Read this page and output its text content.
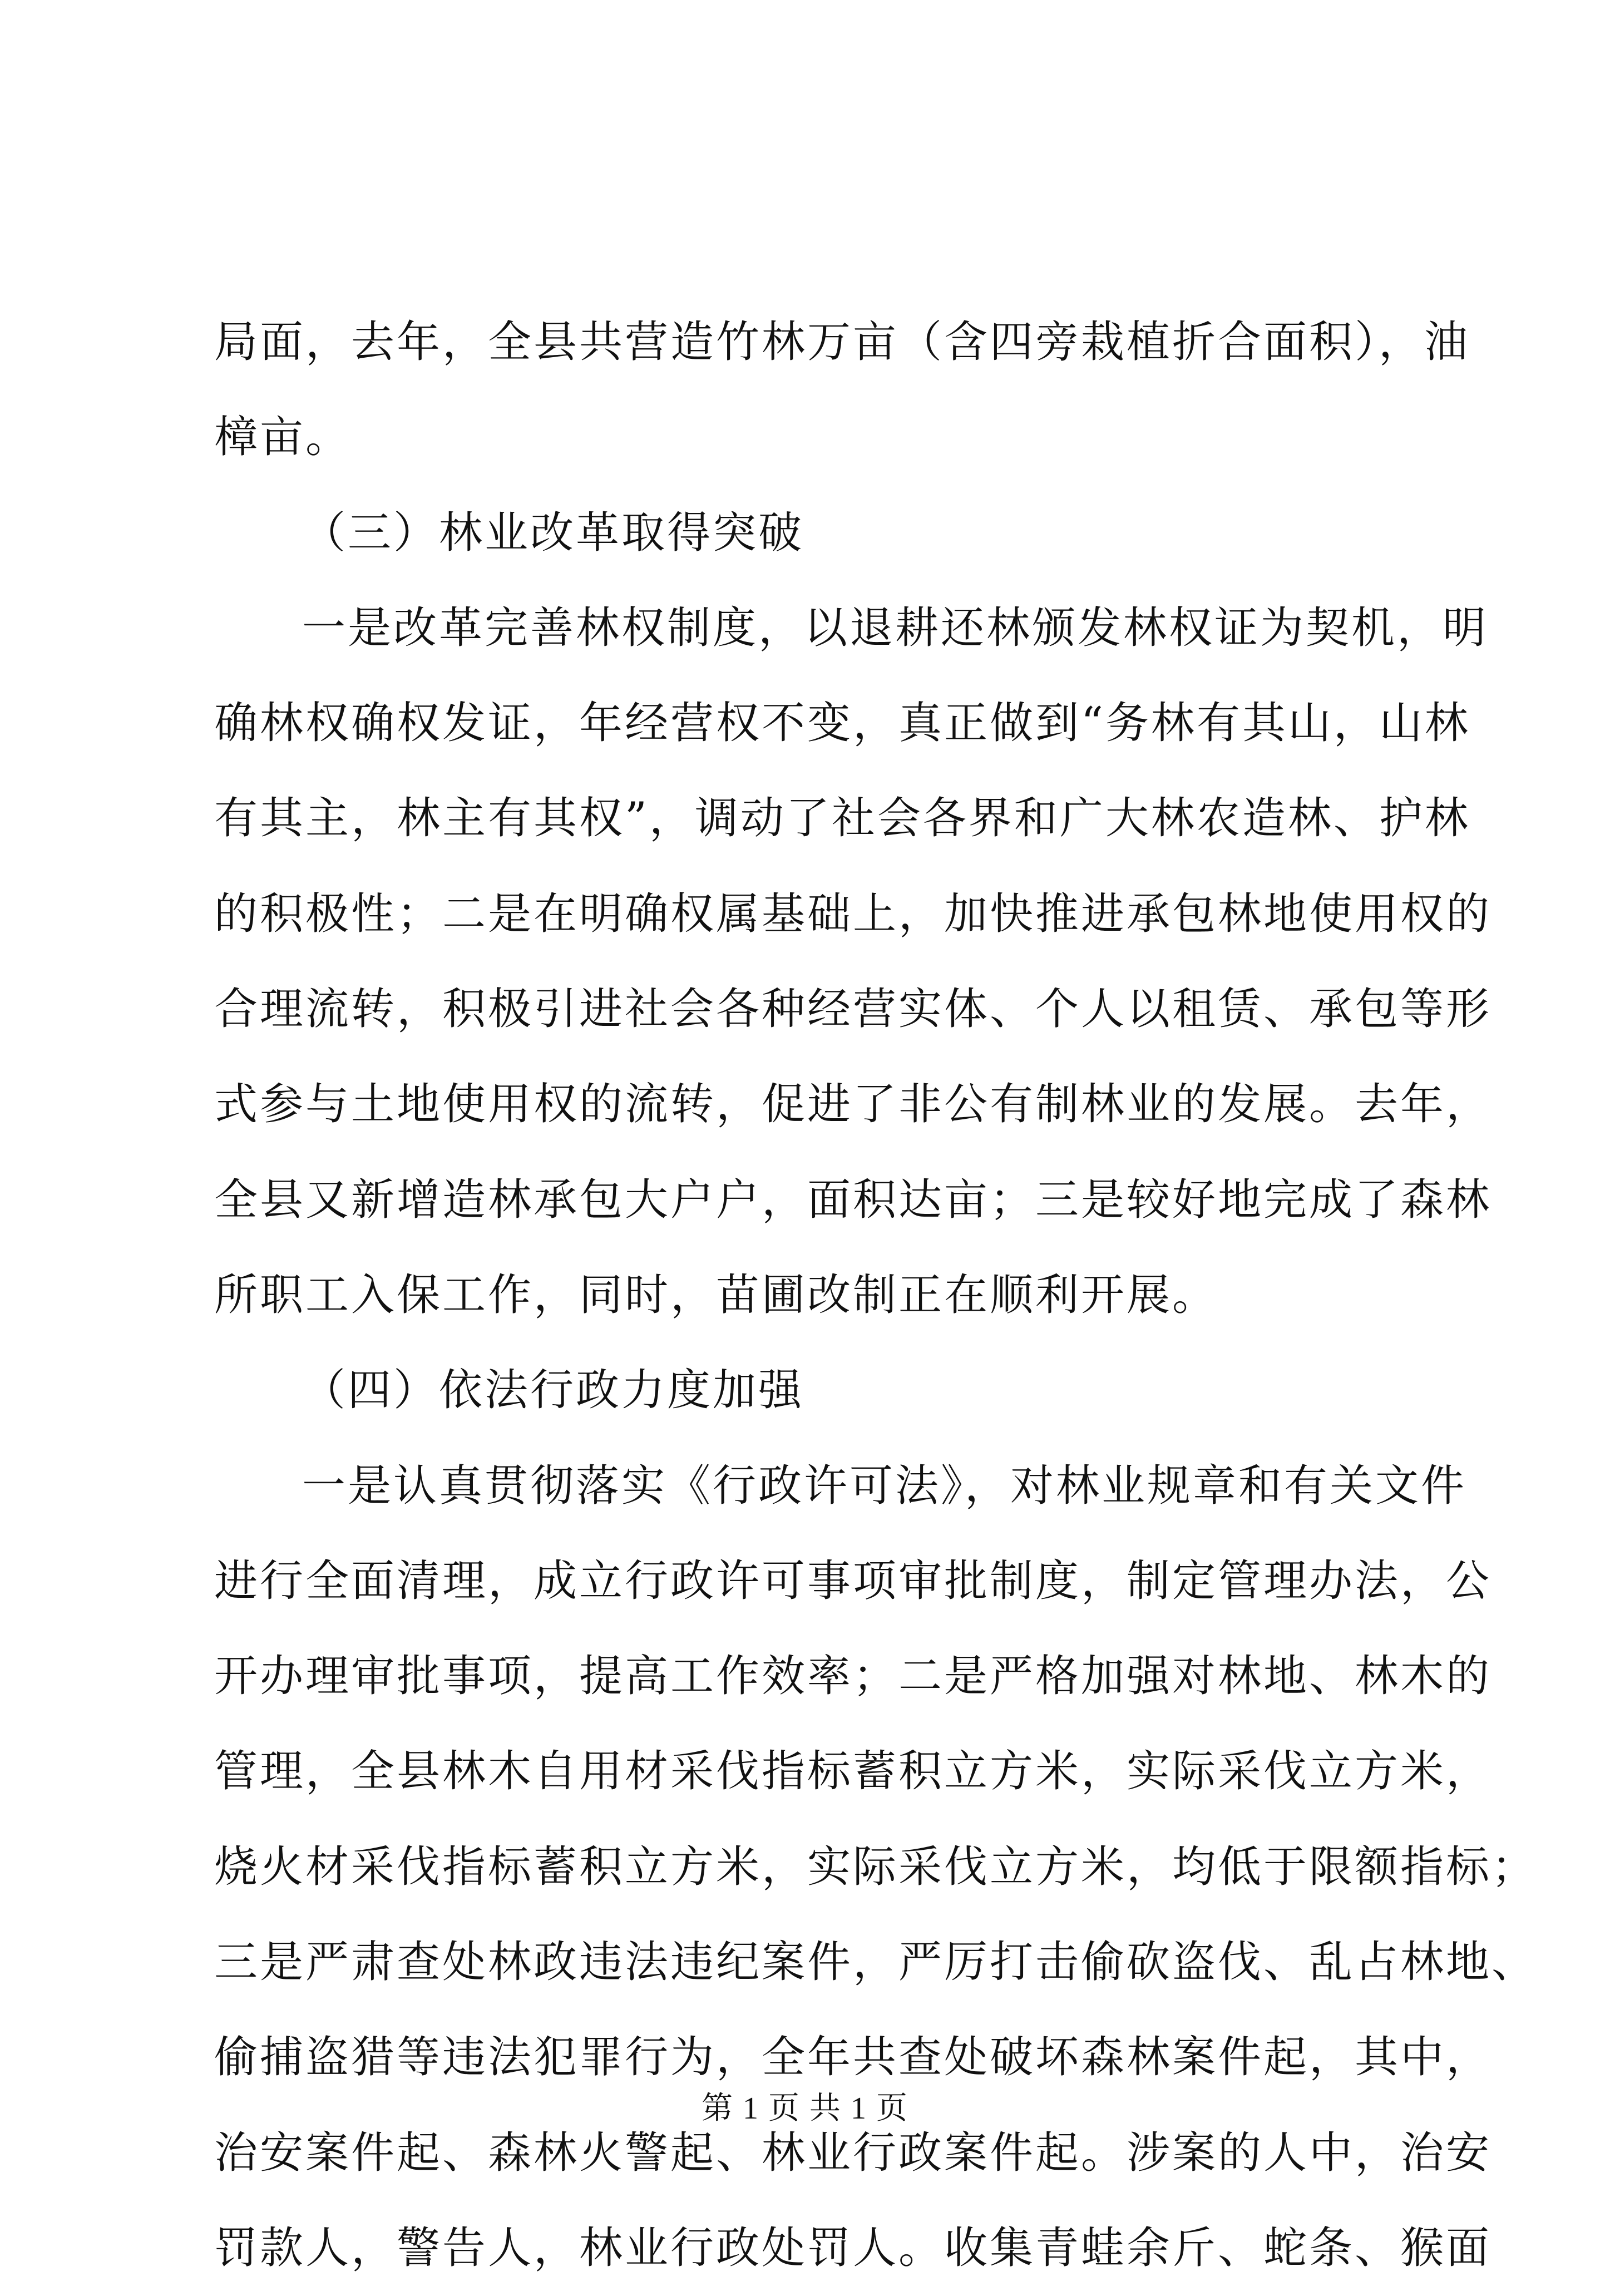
局面，去年，全县共营造竹林万亩（含四旁栽植折合面积），油
樟亩。
（三）林业改革取得突破
一是改革完善林权制度，以退耕还林颁发林权证为契机，明
确林权确权发证，年经营权不变，真正做到“务林有其山，山林
有其主，林主有其权”，调动了社会各界和广大林农造林、护林
的积极性；二是在明确权属基础上，加快推进承包林地使用权的
合理流转，积极引进社会各种经营实体、个人以租赁、承包等形
式参与土地使用权的流转，促进了非公有制林业的发展。去年，
全县又新增造林承包大户户，面积达亩；三是较好地完成了森林
所职工入保工作，同时，苗圃改制正在顺利开展。
（四）依法行政力度加强
一是认真贯彻落实《行政许可法》，对林业规章和有关文件
进行全面清理，成立行政许可事项审批制度，制定管理办法，公
开办理审批事项，提高工作效率；二是严格加强对林地、林木的
管理，全县林木自用材采伐指标蓄积立方米，实际采伐立方米，
烧火材采伐指标蓄积立方米，实际采伐立方米，均低于限额指标；
三是严肃查处林政违法违纪案件，严厉打击偷砍盗伐、乱占林地、
偷捕盗猎等违法犯罪行为，全年共查处破坏森林案件起，其中，
治安案件起、森林火警起、林业行政案件起。涉案的人中，治安
罚款人，警告人，林业行政处罚人。收集青蛙余斤、蛇条、猴面
第 1 页 共 1 页
